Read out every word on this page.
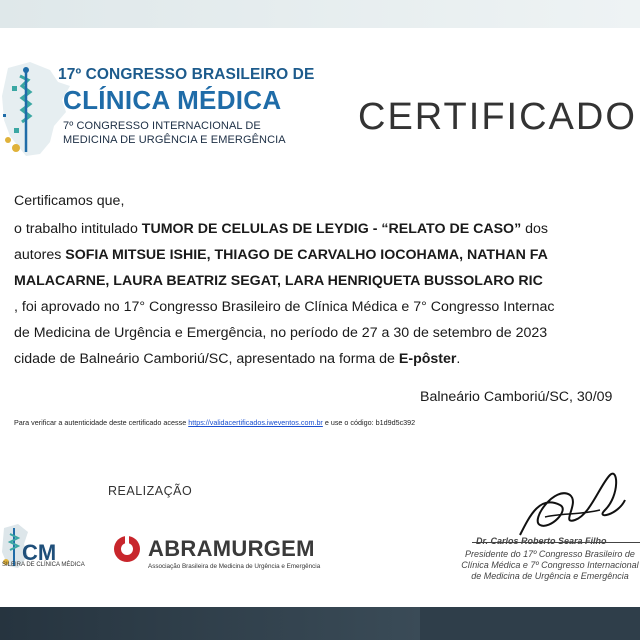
17º CONGRESSO BRASILEIRO DE
CLÍNICA MÉDICA
7º CONGRESSO INTERNACIONAL DE
MEDICINA DE URGÊNCIA E EMERGÊNCIA
CERTIFICADO
Certificamos que,
o trabalho intitulado TUMOR DE CELULAS DE LEYDIG - “RELATO DE CASO” dos
autores SOFIA MITSUE ISHIE, THIAGO DE CARVALHO IOCOHAMA, NATHAN FA
MALACARNE, LAURA BEATRIZ SEGAT, LARA HENRIQUETA BUSSOLARO RIC
, foi aprovado no 17° Congresso Brasileiro de Clínica Médica e 7° Congresso Internac
de Medicina de Urgência e Emergência, no período de 27 a 30 de setembro de 2023
cidade de Balneário Camboriú/SC, apresentado na forma de E-pôster.
Balneário Camboriú/SC, 30/09
Para verificar a autenticidade deste certificado acesse https://validacertificados.iweventos.com.br e use o código: b1d9d5c392
REALIZAÇÃO
CM
SILEIRA DE CLÍNICA MÉDICA
ABRAMURGEM
Associação Brasileira de Medicina de Urgência e Emergência
Dr. Carlos Roberto Seara Filho
Presidente do 17º Congresso Brasileiro de
Clínica Médica e 7º Congresso Internacional
de Medicina de Urgência e Emergência
